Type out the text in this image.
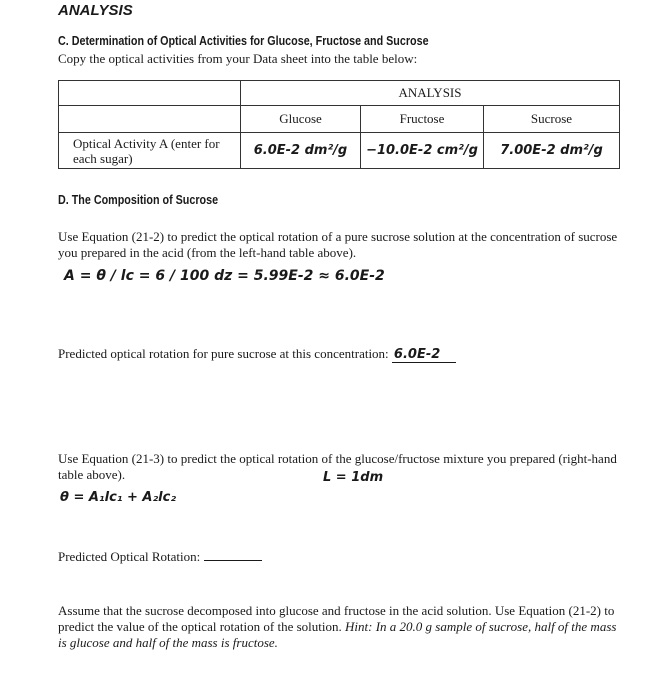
ANALYSIS
C. Determination of Optical Activities for Glucose, Fructose and Sucrose
Copy the optical activities from your Data sheet into the table below:
	ANALYSIS		
	Glucose	Fructose	Sucrose
Optical Activity A (enter for each sugar)	6.0E-2 dm²/g	−10.0E-2 cm²/g	7.00E-2 dm²/g
D. The Composition of Sucrose
Use Equation (21-2) to predict the optical rotation of a pure sucrose solution at the concentration of sucrose you prepared in the acid (from the left-hand table above).
A = θ / lc = 6 / 100 dz = 5.99E-2 ≈ 6.0E-2
Predicted optical rotation for pure sucrose at this concentration: 6.0E-2
Use Equation (21-3) to predict the optical rotation of the glucose/fructose mixture you prepared (right-hand table above).	L = 1dm
θ = A₁lc₁ + A₂lc₂
Predicted Optical Rotation:
Assume that the sucrose decomposed into glucose and fructose in the acid solution. Use Equation (21-2) to predict the value of the optical rotation of the solution. Hint: In a 20.0 g sample of sucrose, half of the mass is glucose and half of the mass is fructose.
